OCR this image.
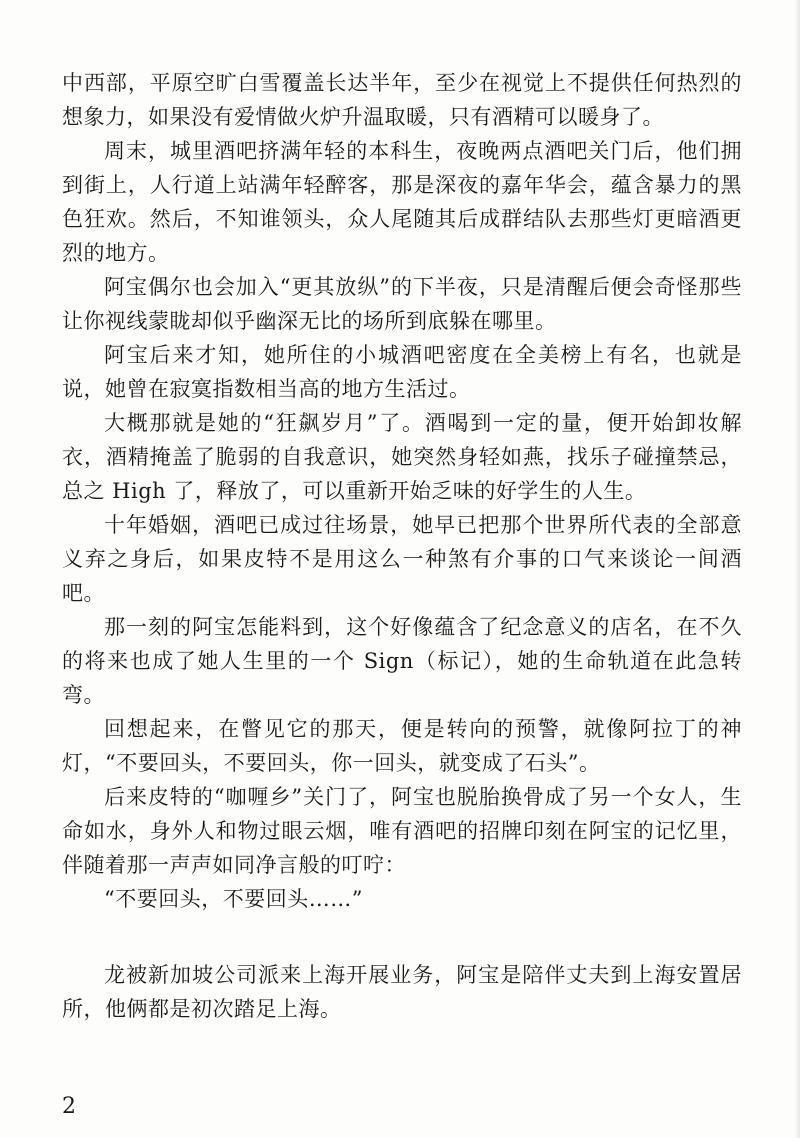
中西部，平原空旷白雪覆盖长达半年，至少在视觉上不提供任何热烈的想象力，如果没有爱情做火炉升温取暖，只有酒精可以暖身了。

周末，城里酒吧挤满年轻的本科生，夜晚两点酒吧关门后，他们拥到街上，人行道上站满年轻醉客，那是深夜的嘉年华会，蕴含暴力的黑色狂欢。然后，不知谁领头，众人尾随其后成群结队去那些灯更暗酒更烈的地方。

阿宝偶尔也会加入“更其放纵”的下半夜，只是清醒后便会奇怪那些让你视线蒙眬却似乎幽深无比的场所到底躲在哪里。

阿宝后来才知，她所住的小城酒吧密度在全美榜上有名，也就是说，她曾在寂寞指数相当高的地方生活过。

大概那就是她的“狂飙岁月”了。酒喝到一定的量，便开始卸妆解衣，酒精掩盖了脆弱的自我意识，她突然身轻如燕，找乐子碰撞禁忌，总之 High 了，释放了，可以重新开始乏味的好学生的人生。

十年婚姻，酒吧已成过往场景，她早已把那个世界所代表的全部意义弃之身后，如果皮特不是用这么一种煞有介事的口气来谈论一间酒吧。

那一刻的阿宝怎能料到，这个好像蕴含了纪念意义的店名，在不久的将来也成了她人生里的一个 Sign（标记），她的生命轨道在此急转弯。

回想起来，在瞥见它的那天，便是转向的预警，就像阿拉丁的神灯，“不要回头，不要回头，你一回头，就变成了石头”。

后来皮特的“咖喱乡”关门了，阿宝也脱胎换骨成了另一个女人，生命如水，身外人和物过眼云烟，唯有酒吧的招牌印刻在阿宝的记忆里，伴随着那一声声如同净言般的叮咛：

“不要回头，不要回头……”

龙被新加坡公司派来上海开展业务，阿宝是陪伴丈夫到上海安置居所，他俩都是初次踏足上海。

2
